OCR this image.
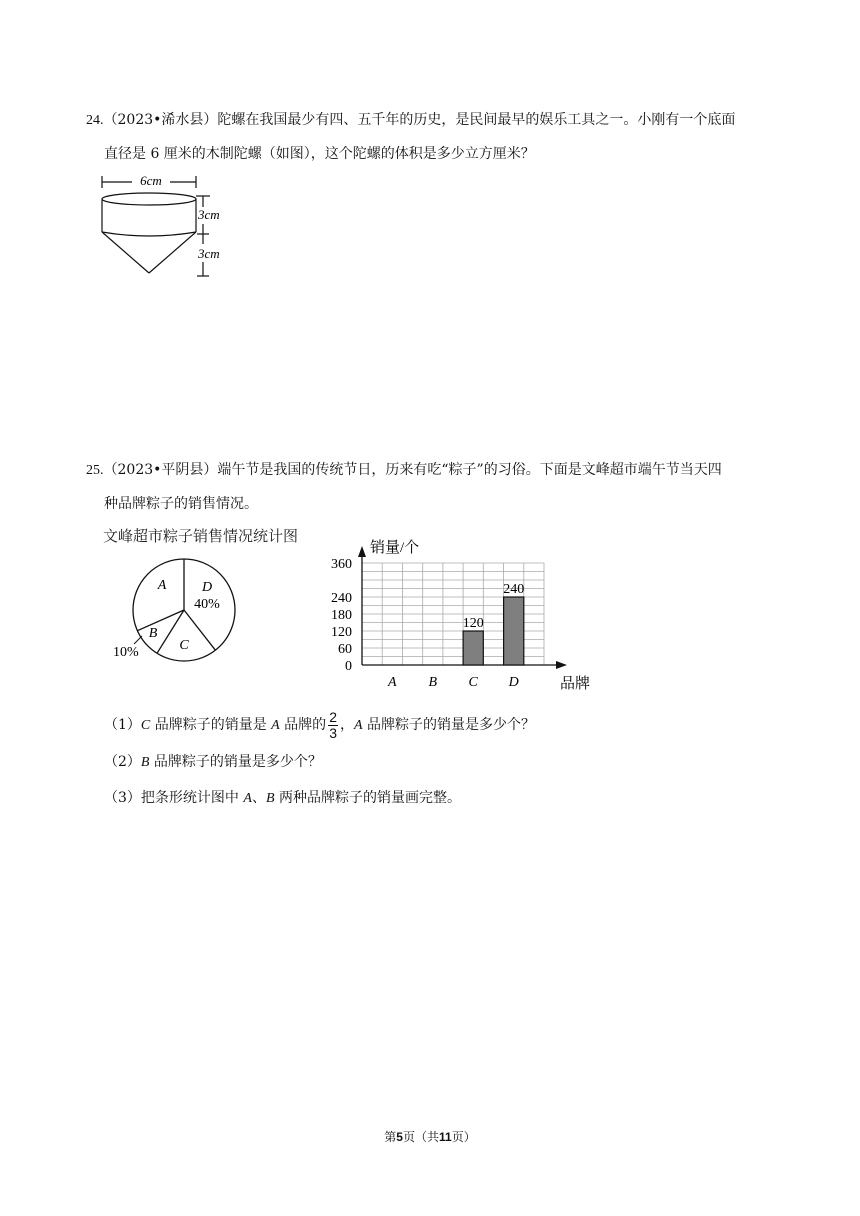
24.（2023•浠水县）陀螺在我国最少有四、五千年的历史，是民间最早的娱乐工具之一。小刚有一个底面
直径是 6 厘米的木制陀螺（如图），这个陀螺的体积是多少立方厘米？
6cm
3cm
3cm
25.（2023•平阴县）端午节是我国的传统节日，历来有吃“粽子”的习俗。下面是文峰超市端午节当天四
种品牌粽子的销售情况。
文峰超市粽子销售情况统计图
A
B
C
D
40%
10%
销量/个
品牌
0
60
120
180
240
360
A B C
120
D
240
（1）C 品牌粽子的销量是 A 品牌的 $\frac{2}{3}$ ，A 品牌粽子的销量是多少个？
（2）B 品牌粽子的销量是多少个？
（3）把条形统计图中 A、B 两种品牌粽子的销量画完整。
第5页（共11页）
